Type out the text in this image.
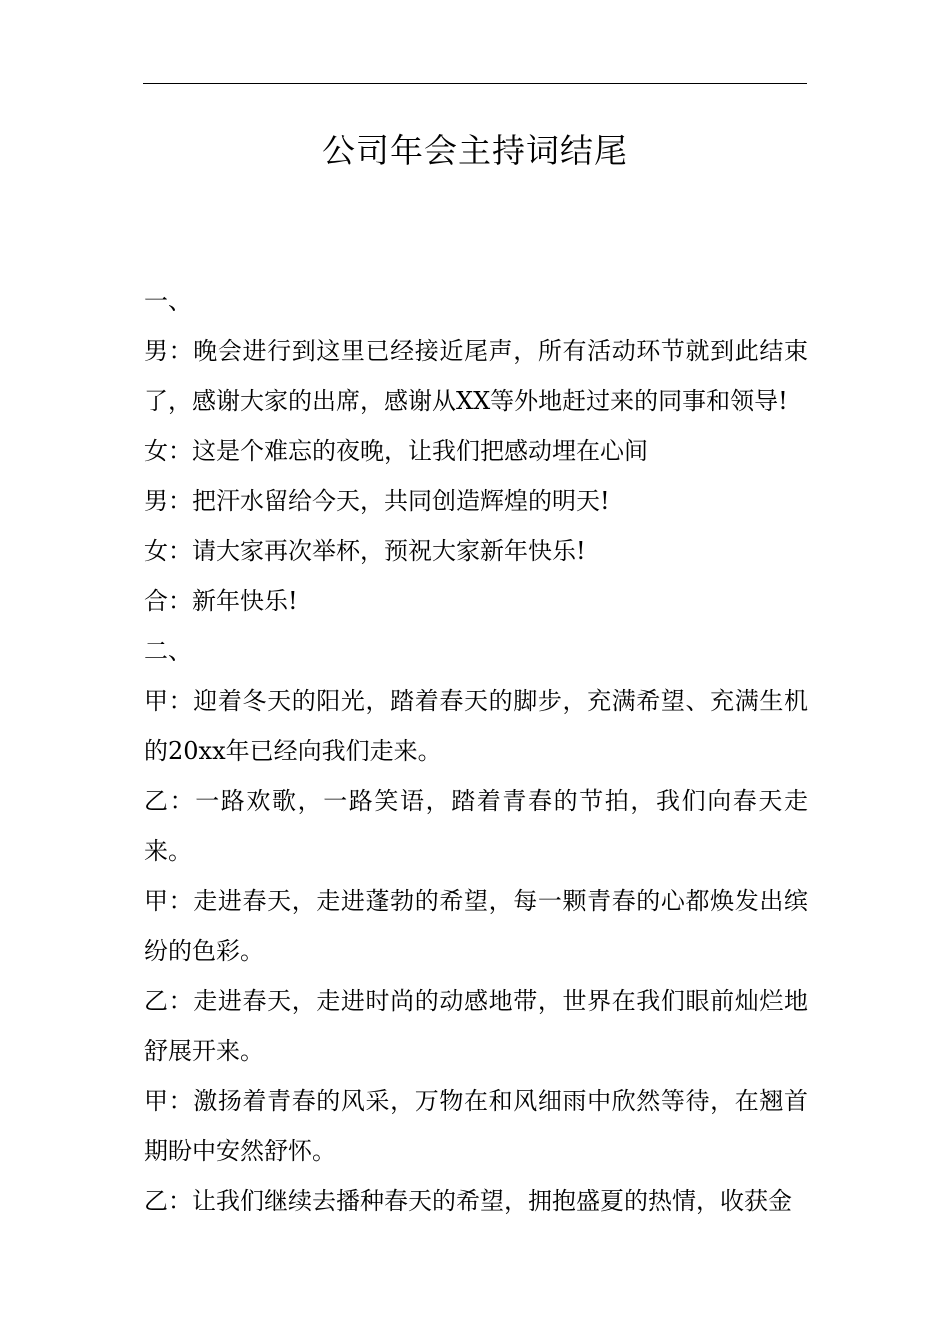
公司年会主持词结尾

一、

男：晚会进行到这里已经接近尾声，所有活动环节就到此结束了，感谢大家的出席，感谢从XX等外地赶过来的同事和领导!

女：这是个难忘的夜晚，让我们把感动埋在心间

男：把汗水留给今天，共同创造辉煌的明天!

女：请大家再次举杯，预祝大家新年快乐!

合：新年快乐!

二、

甲：迎着冬天的阳光，踏着春天的脚步，充满希望、充满生机的20xx年已经向我们走来。

乙：一路欢歌，一路笑语，踏着青春的节拍，我们向春天走来。

甲：走进春天，走进蓬勃的希望，每一颗青春的心都焕发出缤纷的色彩。

乙：走进春天，走进时尚的动感地带，世界在我们眼前灿烂地舒展开来。

甲：激扬着青春的风采，万物在和风细雨中欣然等待，在翘首期盼中安然舒怀。

乙：让我们继续去播种春天的希望，拥抱盛夏的热情，收获金
